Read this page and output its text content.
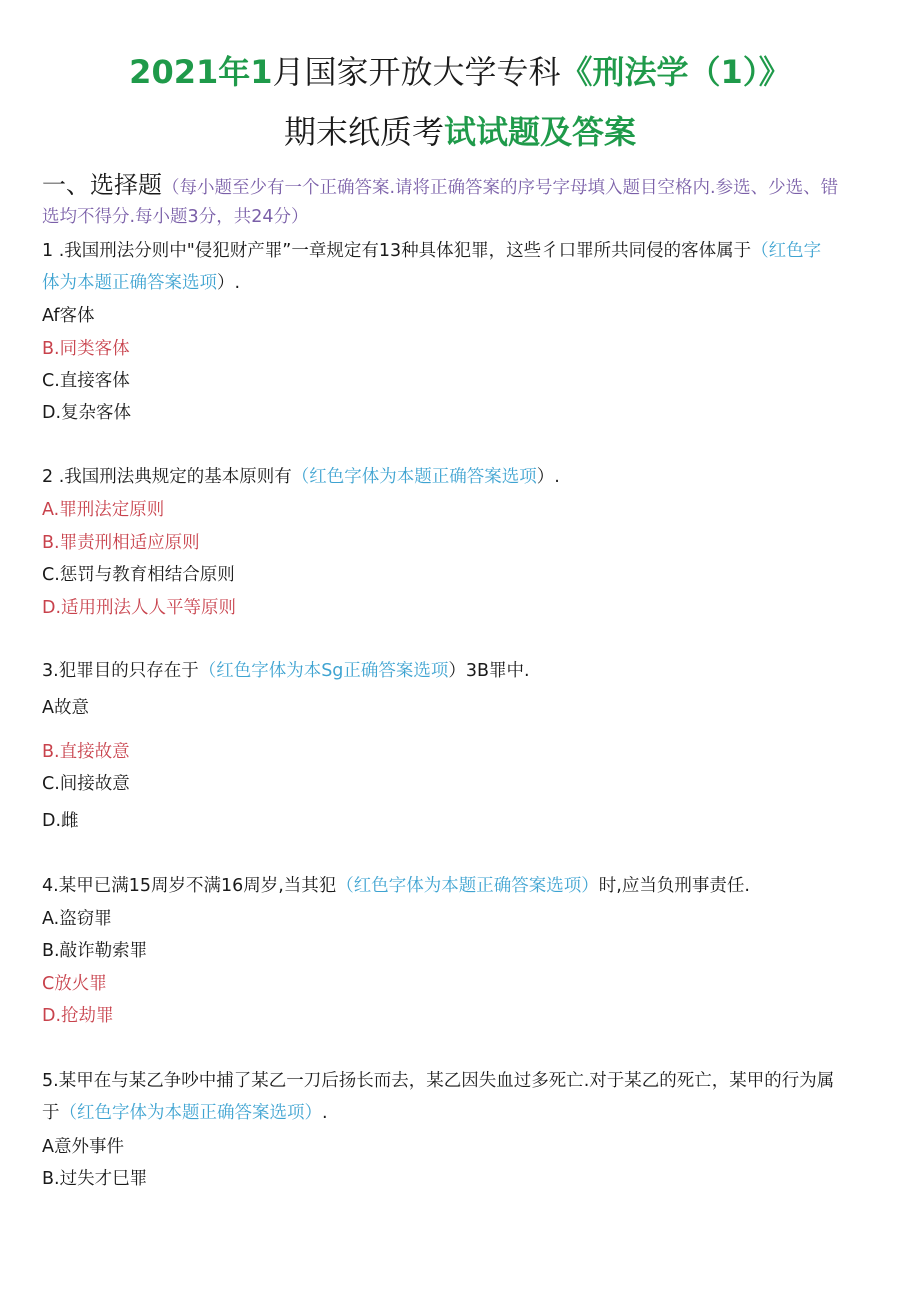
2021年1月国家开放大学专科《刑法学（1）》
期末纸质考试试题及答案
一、选择题（每小题至少有一个正确答案.请将正确答案的序号字母填入题目空格内.参选、少选、错
选均不得分.每小题3分，共24分）
1 .我国刑法分则中"侵犯财产罪”一章规定有13种具体犯罪，这些彳口罪所共同侵的客体属于（红色字
体为本题正确答案选项）.
Af客体
B.同类客体
C.直接客体
D.复杂客体
2 .我国刑法典规定的基本原则有（红色字体为本题正确答案选项）.
A.罪刑法定原则
B.罪责刑相适应原则
C.惩罚与教育相结合原则
D.适用刑法人人平等原则
3.犯罪目的只存在于（红色字体为本Sg正确答案选项）3B罪中.
A故意
B.直接故意
C.间接故意
D.雌
4.某甲已满15周岁不满16周岁,当其犯（红色字体为本题正确答案选项）时,应当负刑事责任.
A.盗窃罪
B.敲诈勒索罪
C放火罪
D.抢劫罪
5.某甲在与某乙争吵中捕了某乙一刀后扬长而去，某乙因失血过多死亡.对于某乙的死亡，某甲的行为属
于（红色字体为本题正确答案选项）.
A意外事件
B.过失才巳罪
